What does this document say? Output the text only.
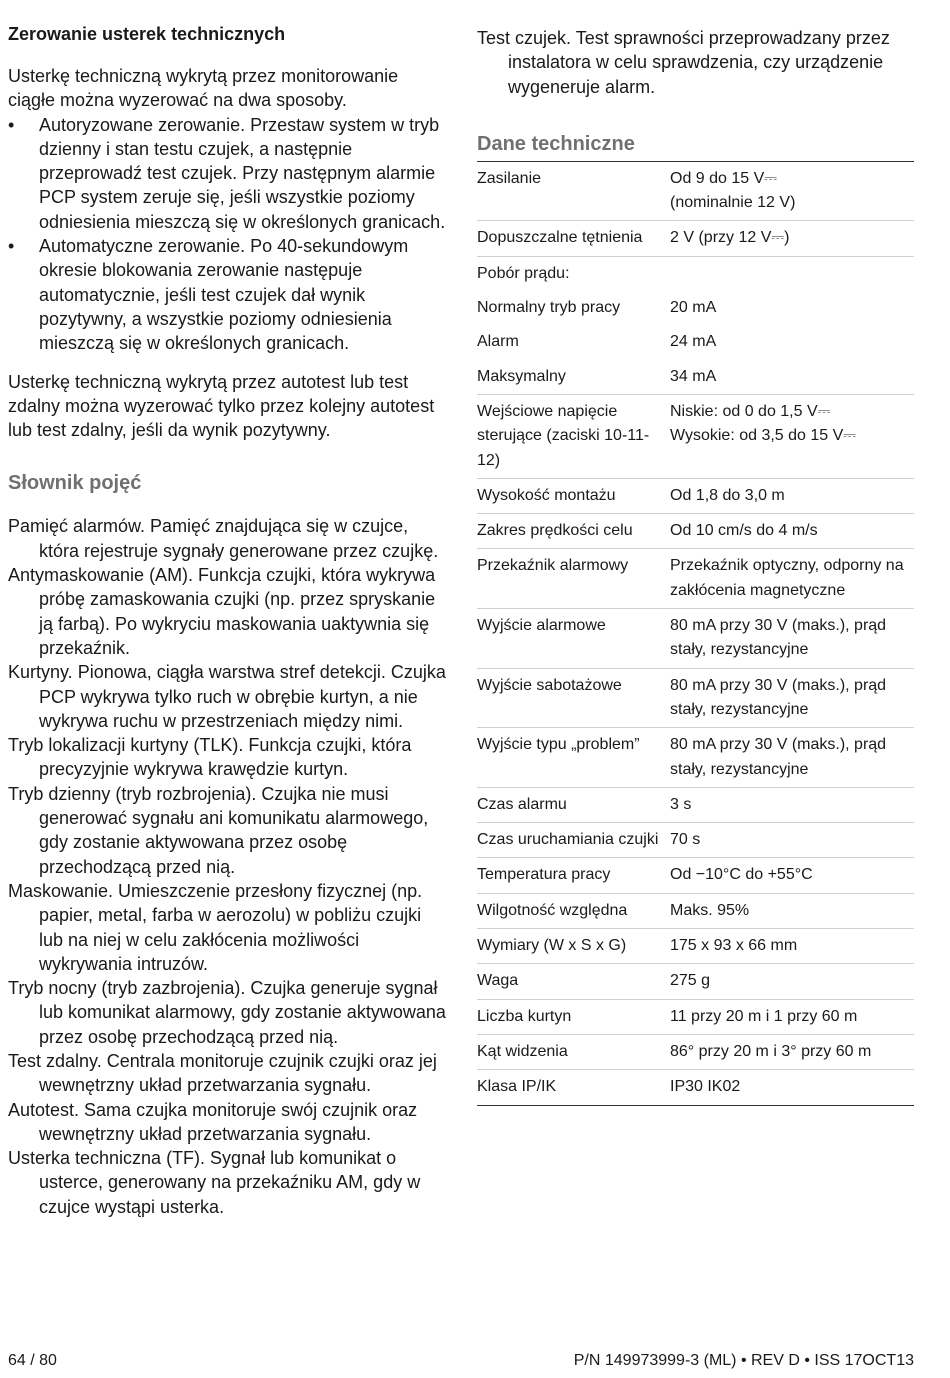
Zerowanie usterek technicznych

Usterkę techniczną wykrytą przez monitorowanie ciągłe można wyzerować na dwa sposoby.

• Autoryzowane zerowanie. Przestaw system w tryb dzienny i stan testu czujek, a następnie przeprowadź test czujek. Przy następnym alarmie PCP system zeruje się, jeśli wszystkie poziomy odniesienia mieszczą się w określonych granicach.
• Automatyczne zerowanie. Po 40-sekundowym okresie blokowania zerowanie następuje automatycznie, jeśli test czujek dał wynik pozytywny, a wszystkie poziomy odniesienia mieszczą się w określonych granicach.

Usterkę techniczną wykrytą przez autotest lub test zdalny można wyzerować tylko przez kolejny autotest lub test zdalny, jeśli da wynik pozytywny.

Słownik pojęć

Pamięć alarmów. Pamięć znajdująca się w czujce, która rejestruje sygnały generowane przez czujkę.

Antymaskowanie (AM). Funkcja czujki, która wykrywa próbę zamaskowania czujki (np. przez spryskanie ją farbą). Po wykryciu maskowania uaktywnia się przekaźnik.

Kurtyny. Pionowa, ciągła warstwa stref detekcji. Czujka PCP wykrywa tylko ruch w obrębie kurtyn, a nie wykrywa ruchu w przestrzeniach między nimi.

Tryb lokalizacji kurtyny (TLK). Funkcja czujki, która precyzyjnie wykrywa krawędzie kurtyn.

Tryb dzienny (tryb rozbrojenia). Czujka nie musi generować sygnału ani komunikatu alarmowego, gdy zostanie aktywowana przez osobę przechodzącą przed nią.

Maskowanie. Umieszczenie przesłony fizycznej (np. papier, metal, farba w aerozolu) w pobliżu czujki lub na niej w celu zakłócenia możliwości wykrywania intruzów.

Tryb nocny (tryb zazbrojenia). Czujka generuje sygnał lub komunikat alarmowy, gdy zostanie aktywowana przez osobę przechodzącą przed nią.

Test zdalny. Centrala monitoruje czujnik czujki oraz jej wewnętrzny układ przetwarzania sygnału.

Autotest. Sama czujka monitoruje swój czujnik oraz wewnętrzny układ przetwarzania sygnału.

Usterka techniczna (TF). Sygnał lub komunikat o usterce, generowany na przekaźniku AM, gdy w czujce wystąpi usterka.

Test czujek. Test sprawności przeprowadzany przez instalatora w celu sprawdzenia, czy urządzenie wygeneruje alarm.

Dane techniczne
Zasilanie	Od 9 do 15 V⎓
(nominalnie 12 V)
Dopuszczalne tętnienia	2 V (przy 12 V⎓)
Pobór prądu:	
Normalny tryb pracy	20 mA
Alarm	24 mA
Maksymalny	34 mA
Wejściowe napięcie sterujące (zaciski 10-11-12)	Niskie: od 0 do 1,5 V⎓
Wysokie: od 3,5 do 15 V⎓
Wysokość montażu	Od 1,8 do 3,0 m
Zakres prędkości celu	Od 10 cm/s do 4 m/s
Przekaźnik alarmowy	Przekaźnik optyczny, odporny na zakłócenia magnetyczne
Wyjście alarmowe	80 mA przy 30 V (maks.), prąd stały, rezystancyjne
Wyjście sabotażowe	80 mA przy 30 V (maks.), prąd stały, rezystancyjne
Wyjście typu „problem”	80 mA przy 30 V (maks.), prąd stały, rezystancyjne
Czas alarmu	3 s
Czas uruchamiania czujki	70 s
Temperatura pracy	Od −10°C do +55°C
Wilgotność względna	Maks. 95%
Wymiary (W x S x G)	175 x 93 x 66 mm
Waga	275 g
Liczba kurtyn	11 przy 20 m i 1 przy 60 m
Kąt widzenia	86° przy 20 m i 3° przy 60 m
Klasa IP/IK	IP30 IK02
64 / 80	P/N 149973999-3 (ML) • REV D • ISS 17OCT13
